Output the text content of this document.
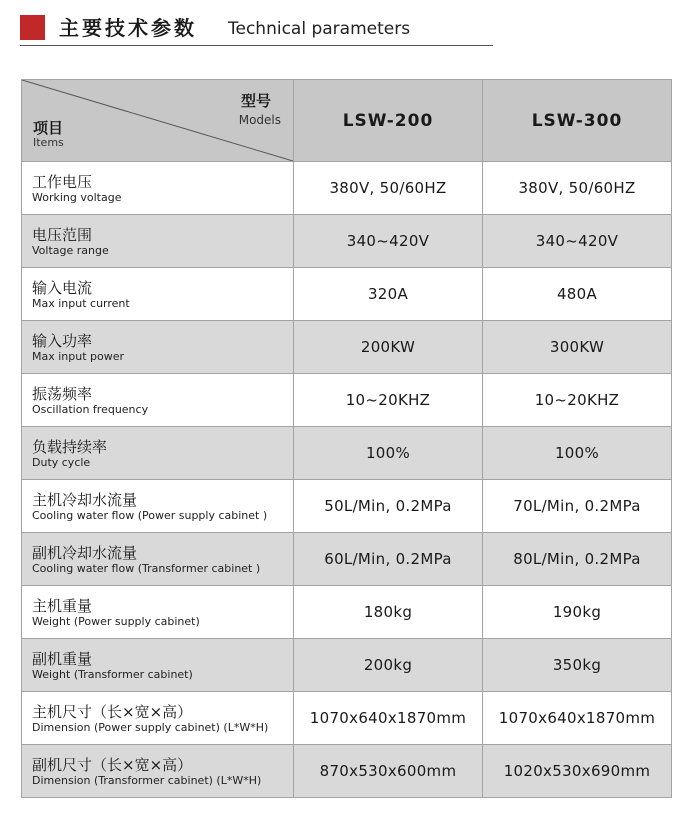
主要技术参数 Technical parameters
型号
Models
项目
Items	LSW-200	LSW-300

工作电压
Working voltage	380V, 50/60HZ	380V, 50/60HZ

电压范围
Voltage range	340~420V	340~420V

输入电流
Max input current	320A	480A

输入功率
Max input power	200KW	300KW

振荡频率
Oscillation frequency	10~20KHZ	10~20KHZ

负载持续率
Duty cycle	100%	100%

主机冷却水流量
Cooling water flow (Power supply cabinet )	50L/Min, 0.2MPa	70L/Min, 0.2MPa

副机冷却水流量
Cooling water flow (Transformer cabinet )	60L/Min, 0.2MPa	80L/Min, 0.2MPa

主机重量
Weight (Power supply cabinet)	180kg	190kg

副机重量
Weight (Transformer cabinet)	200kg	350kg

主机尺寸（长×宽×高）
Dimension (Power supply cabinet) (L*W*H)	1070x640x1870mm	1070x640x1870mm

副机尺寸（长×宽×高）
Dimension (Transformer cabinet) (L*W*H)	870x530x600mm	1020x530x690mm
